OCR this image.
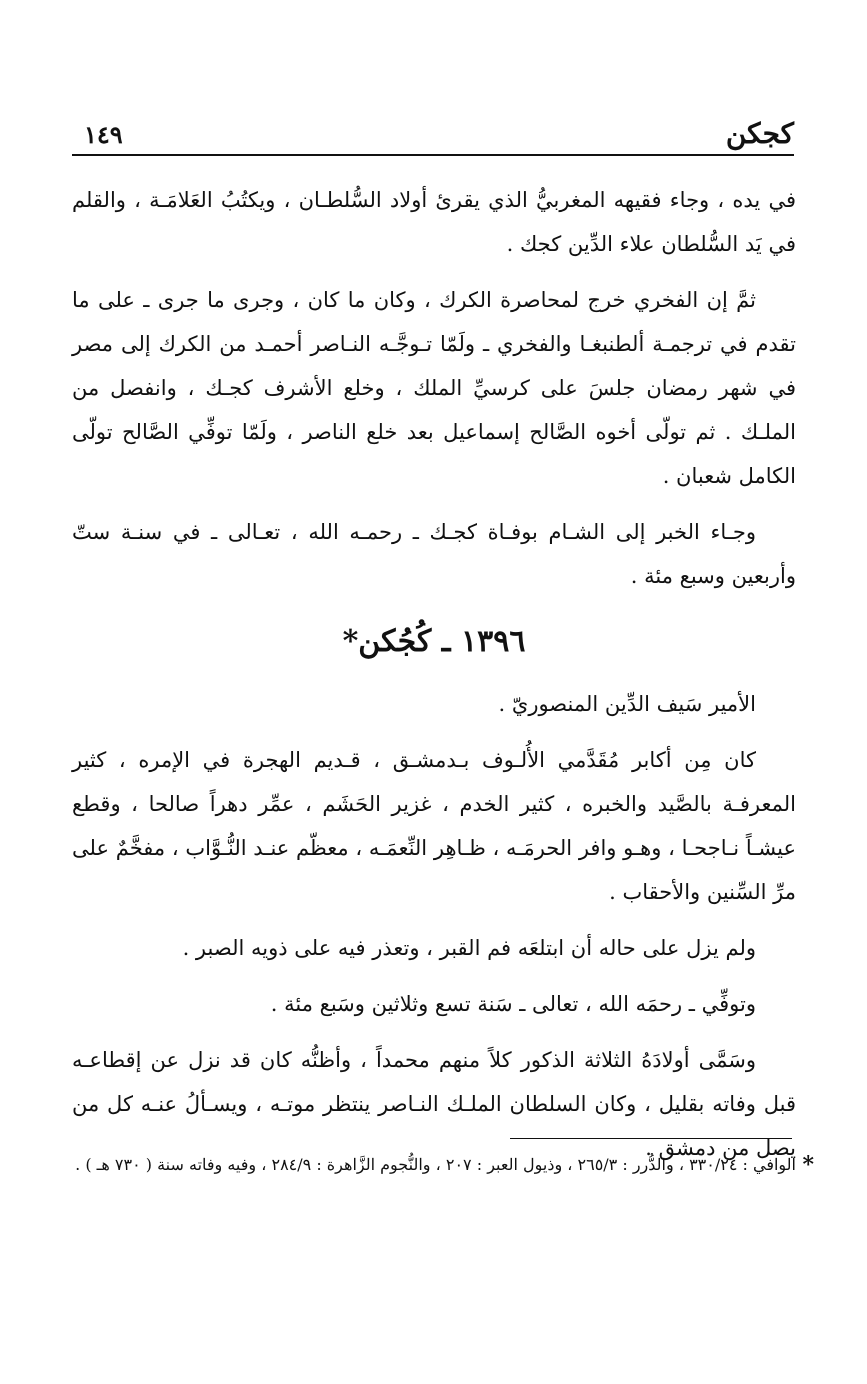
كجكن
١٤٩

في يده ، وجاء فقيهه المغربيُّ الذي يقرئ أولاد السُّلطـان ، ويكتُبُ العَلامَـة ، والقلم في يَد السُّلطان علاء الدِّين كجك .

ثمَّ إن الفخري خرج لمحاصرة الكرك ، وكان ما كان ، وجرى ما جرى ـ على ما تقدم في ترجمـة ألطنبغـا والفخري ـ ولَمّا تـوجَّـه النـاصر أحمـد من الكرك إلى مصر في شهر رمضان جلسَ على كرسيِّ الملك ، وخلع الأشرف كجـك ، وانفصل من الملـك . ثم تولّى أخوه الصَّالح إسماعيل بعد خلع الناصر ، ولَمّا توفِّي الصَّالح تولّى الكامل شعبان .

وجـاء الخبر إلى الشـام بوفـاة كجـك ـ رحمـه الله ، تعـالى ـ في سنـة ستّ وأربعين وسبع مئة .

١٣٩٦ ـ كُجُكن*

الأمير سَيف الدِّين المنصوريّ .

كان مِن أكابر مُقَدَّمي الأُلـوف بـدمشـق ، قـديم الهجرة في الإمره ، كثير المعرفـة بالصَّيد والخبره ، كثير الخدم ، غزير الحَشَم ، عمِّر دهراً صالحا ، وقطع عيشـاً نـاجحـا ، وهـو وافر الحرمَـه ، ظـاهِر النِّعمَـه ، معظّم عنـد النُّـوَّاب ، مفخَّمٌ على مرِّ السِّنين والأحقاب .

ولم يزل على حاله أن ابتلعَه فم القبر ، وتعذر فيه على ذويه الصبر .

وتوفِّي ـ رحمَه الله ، تعالى ـ سَنة تسع وثلاثين وسَبع مئة .

وسَمَّى أولادَهُ الثلاثة الذكور كلاً منهم محمداً ، وأظنُّه كان قد نزل عن إقطاعـه قبل وفاته بقليل ، وكان السلطان الملـك النـاصر ينتظر موتـه ، ويسـألُ عنـه كل من يصل من دمشق .

*
الوافي : ٣٣٠/٢٤ ، والدُّرر : ٢٦٥/٣ ، وذيول العبر : ٢٠٧ ، والنُّجوم الزَّاهرة : ٢٨٤/٩ ، وفيه وفاته سنة ( ٧٣٠ هـ ) .
